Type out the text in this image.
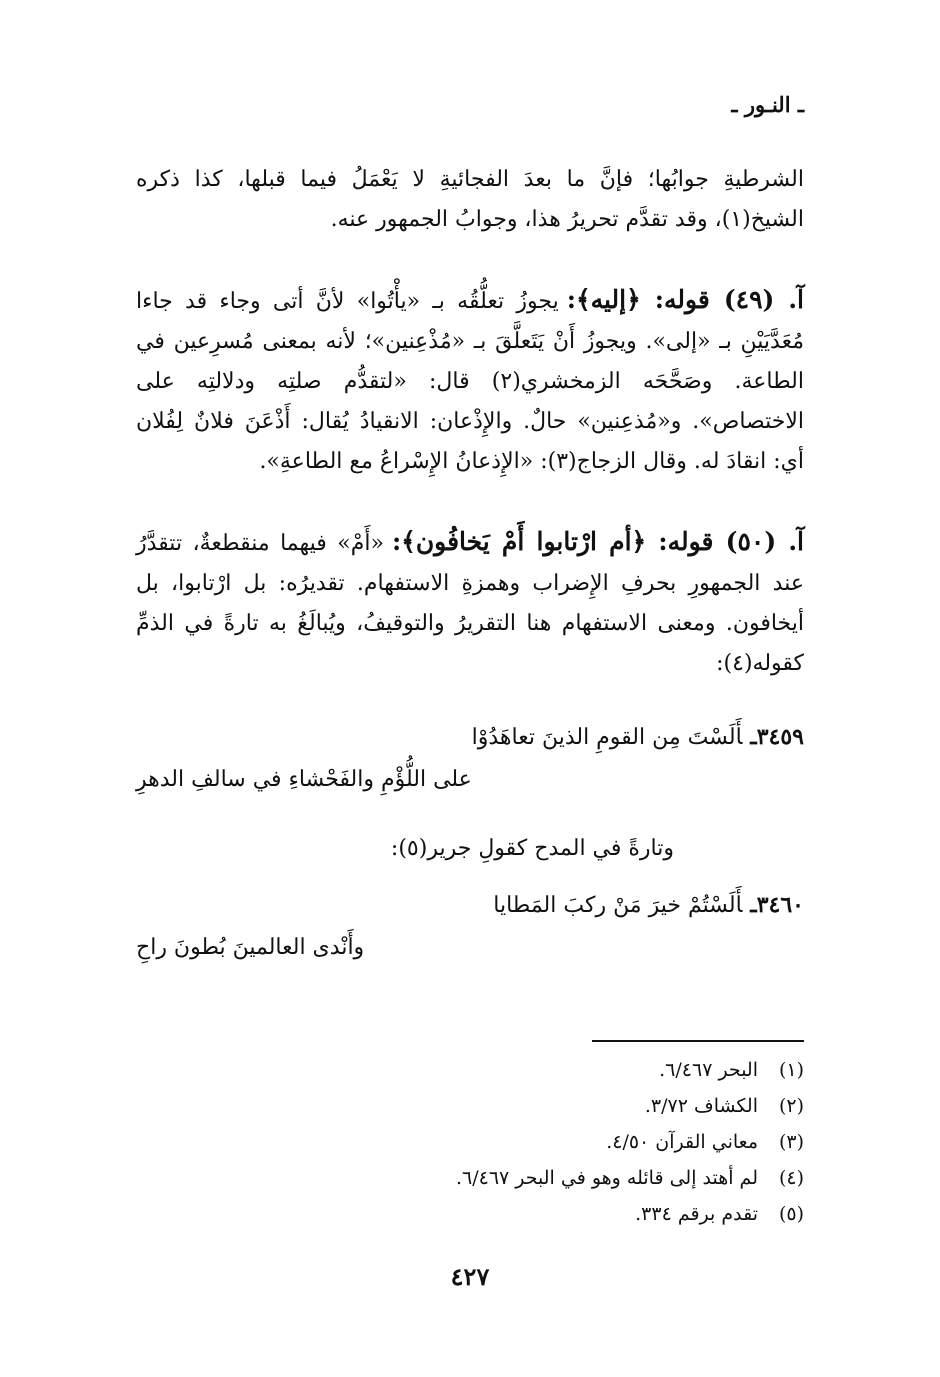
ـ النـور ـ

الشرطيةِ جوابُها؛ فإنَّ ما بعدَ الفجائيةِ لا يَعْمَلُ فيما قبلها، كذا ذكره الشيخ(١)، وقد تقدَّم تحريرُ هذا، وجوابُ الجمهور عنه.

آ. (٤٩) قوله: ﴿إليه﴾:يجوزُ تعلُّقُه بـ «يأْتُوا» لأنَّ أتى وجاء قد جاءا مُعَدَّيَيْنِ بـ «إلى». ويجوزُ أَنْ يَتَعلَّقَ بـ «مُذْعِنين»؛ لأنه بمعنى مُسرِعين في الطاعة. وصَحَّحَه الزمخشري(٢) قال: «لتقدُّم صلتِه ودلالتِه على الاختصاص». و«مُذعِنين» حالٌ. والإِذْعان: الانقيادُ يُقال: أَذْعَنَ فلانٌ لِفُلان أي: انقادَ له. وقال الزجاج(٣): «الإِذعانُ الإِسْراعُ مع الطاعةِ».

آ. (٥٠) قوله: ﴿أم ارْتابوا أَمْ يَخافُون﴾:«أَمْ» فيهما منقطعةٌ، تتقدَّرُ عند الجمهورِ بحرفِ الإِضراب وهمزةِ الاستفهام. تقديرُه: بل ارْتابوا، بل أيخافون. ومعنى الاستفهام هنا التقريرُ والتوقيفُ، ويُبالَغُ به تارةً في الذمِّ كقوله(٤):

٣٤٥٩ـأَلَسْتَ مِن القومِ الذينَ تعاهَدُوْا
على اللُّؤْمِ والفَحْشاءِ في سالفِ الدهرِ
وتارةً في المدح كقولِ جرير(٥):
٣٤٦٠ـأَلَسْتُمْ خيرَ مَنْ ركبَ المَطايا
وأَنْدى العالمينَ بُطونَ راحِ
(١)البحر ٦/٤٦٧.
(٢)الكشاف ٣/٧٢.
(٣)معاني القرآن ٤/٥٠.
(٤)لم أهتد إلى قائله وهو في البحر ٦/٤٦٧.
(٥)تقدم برقم ٣٣٤.
٤٢٧
